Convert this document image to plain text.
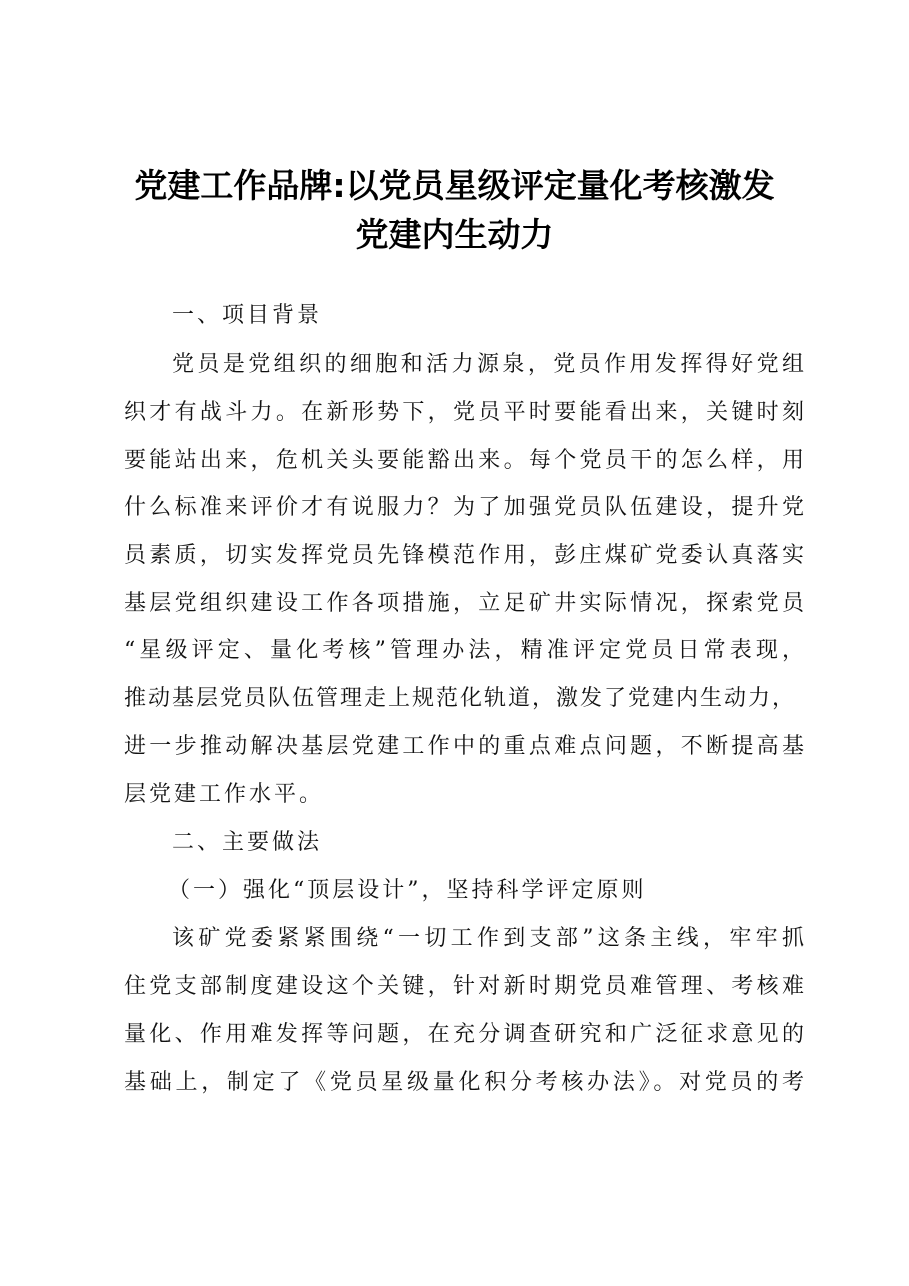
党建工作品牌:以党员星级评定量化考核激发
党建内生动力
一、项目背景
党员是党组织的细胞和活力源泉，党员作用发挥得好党组
织才有战斗力。在新形势下，党员平时要能看出来，关键时刻
要能站出来，危机关头要能豁出来。每个党员干的怎么样，用
什么标准来评价才有说服力？为了加强党员队伍建设，提升党
员素质，切实发挥党员先锋模范作用，彭庄煤矿党委认真落实
基层党组织建设工作各项措施，立足矿井实际情况，探索党员
“星级评定、量化考核”管理办法，精准评定党员日常表现，
推动基层党员队伍管理走上规范化轨道，激发了党建内生动力，
进一步推动解决基层党建工作中的重点难点问题，不断提高基
层党建工作水平。
二、主要做法
（一）强化“顶层设计”，坚持科学评定原则
该矿党委紧紧围绕“一切工作到支部”这条主线，牢牢抓
住党支部制度建设这个关键，针对新时期党员难管理、考核难
量化、作用难发挥等问题，在充分调查研究和广泛征求意见的
基础上，制定了《党员星级量化积分考核办法》。对党员的考
